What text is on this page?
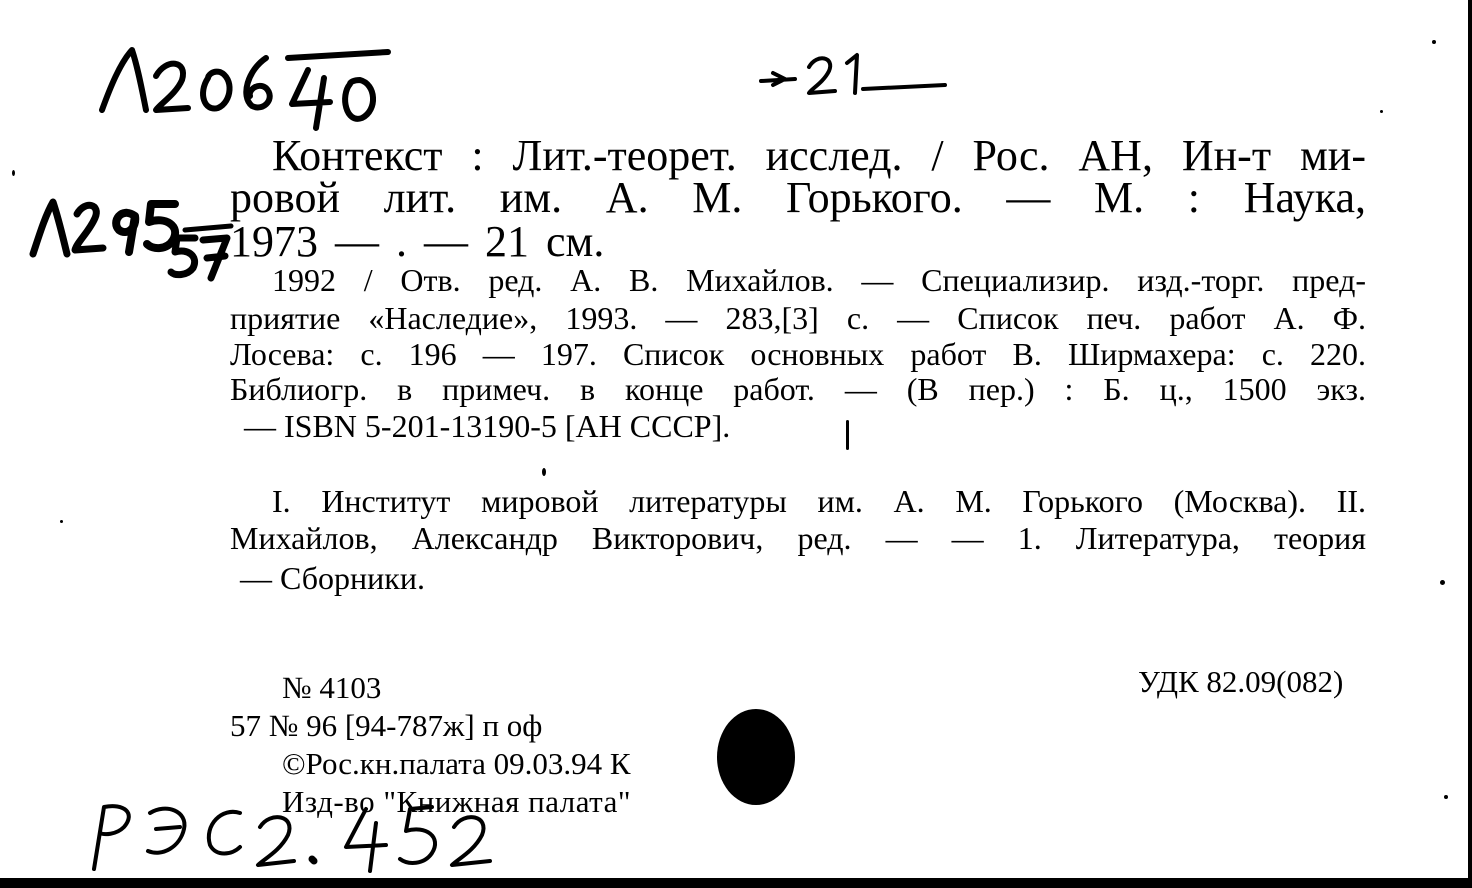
Контекст : Лит.-теорет. исслед. / Рос. АН, Ин-т ми-
ровой лит. им. А. М. Горького. — М. : Наука,
1973 — . — 21 см.
1992 / Отв. ред. А. В. Михайлов. — Специализир. изд.-торг. пред-
приятие «Наследие», 1993. — 283,[3] с. — Список печ. работ А. Ф.
Лосева: с. 196 — 197. Список основных работ В. Ширмахера: с. 220.
Библиогр. в примеч. в конце работ. — (В пер.) : Б. ц., 1500 экз.
— ISBN 5-201-13190-5 [АН СССР].
I. Институт мировой литературы им. А. М. Горького (Москва). II.
Михайлов, Александр Викторович, ред. — — 1. Литература, теория
— Сборники.
№ 4103	УДК 82.09(082)
57 № 96 [94-787ж] п оф
©Рос.кн.палата 09.03.94 К
Изд-во "Книжная палата"
